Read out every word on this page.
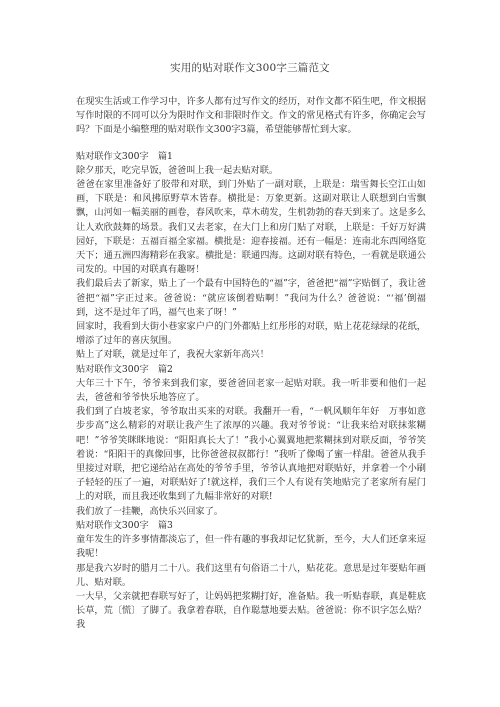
实用的贴对联作文300字三篇范文

在现实生活或工作学习中，许多人都有过写作文的经历，对作文都不陌生吧，作文根据写作时限的不同可以分为限时作文和非限时作文。作文的常见格式有许多，你确定会写吗？下面是小编整理的贴对联作文300字3篇，希望能够帮忙到大家。

贴对联作文300字　篇1

除夕那天，吃完早饭，爸爸叫上我一起去贴对联。

爸爸在家里准备好了胶带和对联，到门外贴了一副对联，上联是：瑞雪舞长空江山如画，下联是：和风拂原野草木皆春。横批是：万象更新。这副对联让人联想到白雪飘飘，山河如一幅美丽的画卷，春风吹来，草木萌发，生机勃勃的春天到来了。这是多么让人欢欣鼓舞的场景。我们又去老家，在大门上和房门贴了对联，上联是：千好万好满园好，下联是：五福百福全家福。横批是：迎春接福。还有一幅是：连南北东西网络览天下；通五洲四海精彩在我家。横批是：联通四海。这副对联有特色，一看就是联通公司发的。中国的对联真有趣呀！

我们最后去了新家，贴上了一个最有中国特色的“福”字，爸爸把“福”字贴倒了，我让爸爸把“福”字正过来。爸爸说：“就应该倒着贴啊！”我问为什么？爸爸说：“‘福’倒福到，这不是过年了吗，福气也来了呀！”

回家时，我看到大街小巷家家户户的门外都贴上红彤彤的对联，贴上花花绿绿的花纸，增添了过年的喜庆氛围。

贴上了对联，就是过年了，我祝大家新年高兴！

贴对联作文300字　篇2

大年三十下午，爷爷来到我们家，要爸爸回老家一起贴对联。我一听非要和他们一起去，爸爸和爷爷快乐地答应了。

我们到了白坡老家，爷爷取出买来的对联。我翻开一看，“一帆风顺年年好　万事如意步步高”这么精彩的对联让我产生了浓厚的兴趣。我对爷爷说：“让我来给对联抹浆糊吧！”爷爷笑眯眯地说：“阳阳真长大了！”我小心翼翼地把浆糊抹到对联反面，爷爷笑着说：“阳阳干的真像回事，比你爸爸叔叔都行！”我听了像喝了蜜一样甜。爸爸从我手里接过对联，把它递给站在高处的爷爷手里，爷爷认真地把对联贴好，并拿着一个小刷子轻轻的压了一遍，对联贴好了!就这样，我们三个人有说有笑地贴完了老家所有屋门上的对联，而且我还收集到了九幅非常好的对联!

我们放了一挂鞭，高快乐兴回家了。

贴对联作文300字　篇3

童年发生的许多事情都淡忘了，但一件有趣的事我却记忆犹新，至今，大人们还拿来逗我呢！

那是我六岁时的腊月二十八。我们这里有句俗语二十八，贴花花。意思是过年要贴年画儿、贴对联。

一大早，父亲就把春联写好了，让妈妈把浆糊打好，准备贴。我一听贴春联，真是鞋底长草，荒〔慌〕了脚了。我拿着春联，自作聪慧地要去贴。爸爸说：你不识字怎么贴？我
